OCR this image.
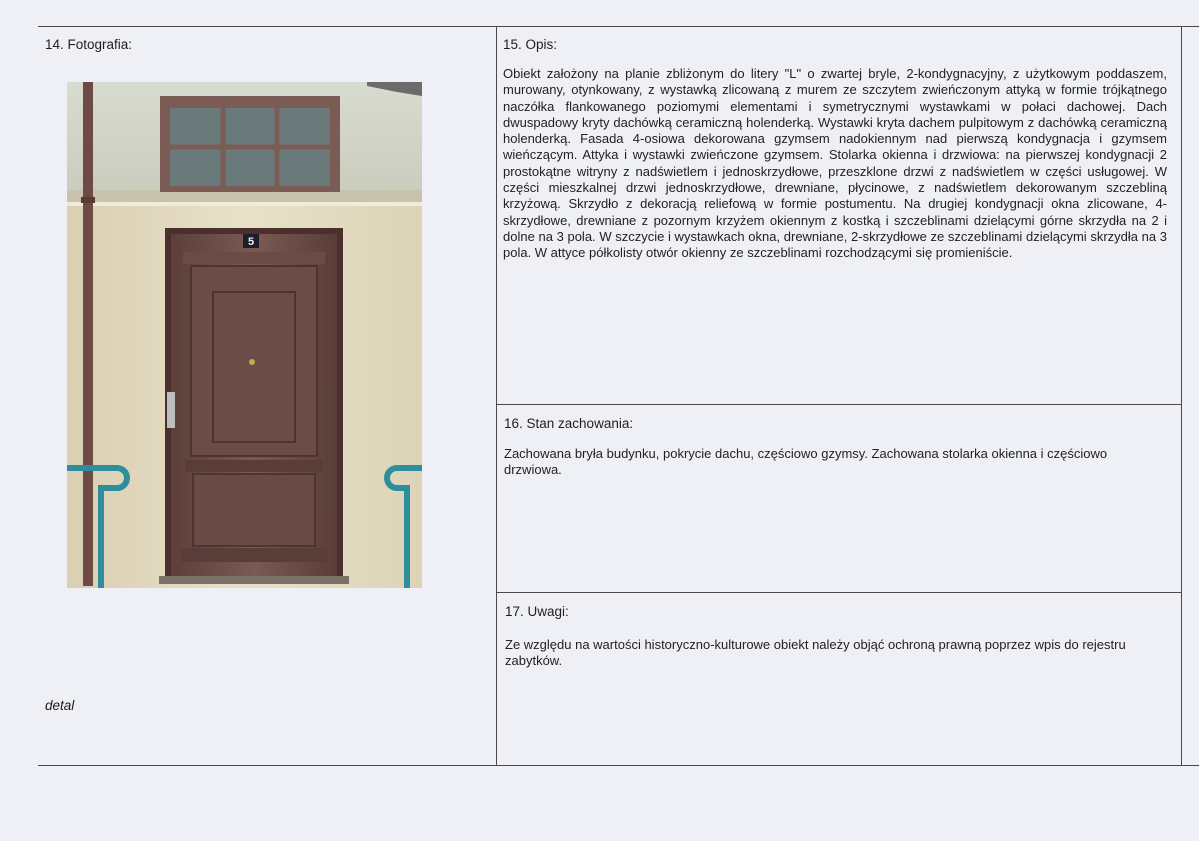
14. Fotografia:
5
detal
15. Opis:
Obiekt założony na planie zbliżonym do litery "L" o zwartej bryle, 2-kondygnacyjny, z użytkowym poddaszem, murowany, otynkowany, z wystawką zlicowaną z murem ze szczytem zwieńczonym attyką w formie trójkątnego naczółka flankowanego poziomymi elementami i symetrycznymi wystawkami w połaci dachowej. Dach dwuspadowy kryty dachówką ceramiczną holenderką. Wystawki kryta dachem pulpitowym z dachówką ceramiczną holenderką. Fasada 4-osiowa dekorowana gzymsem nadokiennym nad pierwszą kondygnacja i gzymsem wieńczącym. Attyka i wystawki zwieńczone gzymsem. Stolarka okienna i drzwiowa: na pierwszej kondygnacji 2 prostokątne witryny z nadświetlem i jednoskrzydłowe, przeszklone drzwi z nadświetlem w części usługowej. W części mieszkalnej drzwi jednoskrzydłowe, drewniane, płycinowe, z nadświetlem dekorowanym szczebliną krzyżową. Skrzydło z dekoracją reliefową w formie postumentu. Na drugiej kondygnacji okna zlicowane, 4-skrzydłowe, drewniane z pozornym krzyżem okiennym z kostką i szczeblinami dzielącymi górne skrzydła na 2 i dolne na 3 pola. W szczycie i wystawkach okna, drewniane, 2-skrzydłowe ze szczeblinami dzielącymi skrzydła na 3 pola. W attyce półkolisty otwór okienny ze szczeblinami rozchodzącymi się promieniście.
16. Stan zachowania:
Zachowana bryła budynku, pokrycie dachu, częściowo gzymsy. Zachowana stolarka okienna i częściowo drzwiowa.
17. Uwagi:
Ze względu na wartości historyczno-kulturowe obiekt należy objąć ochroną prawną poprzez wpis do rejestru zabytków.
